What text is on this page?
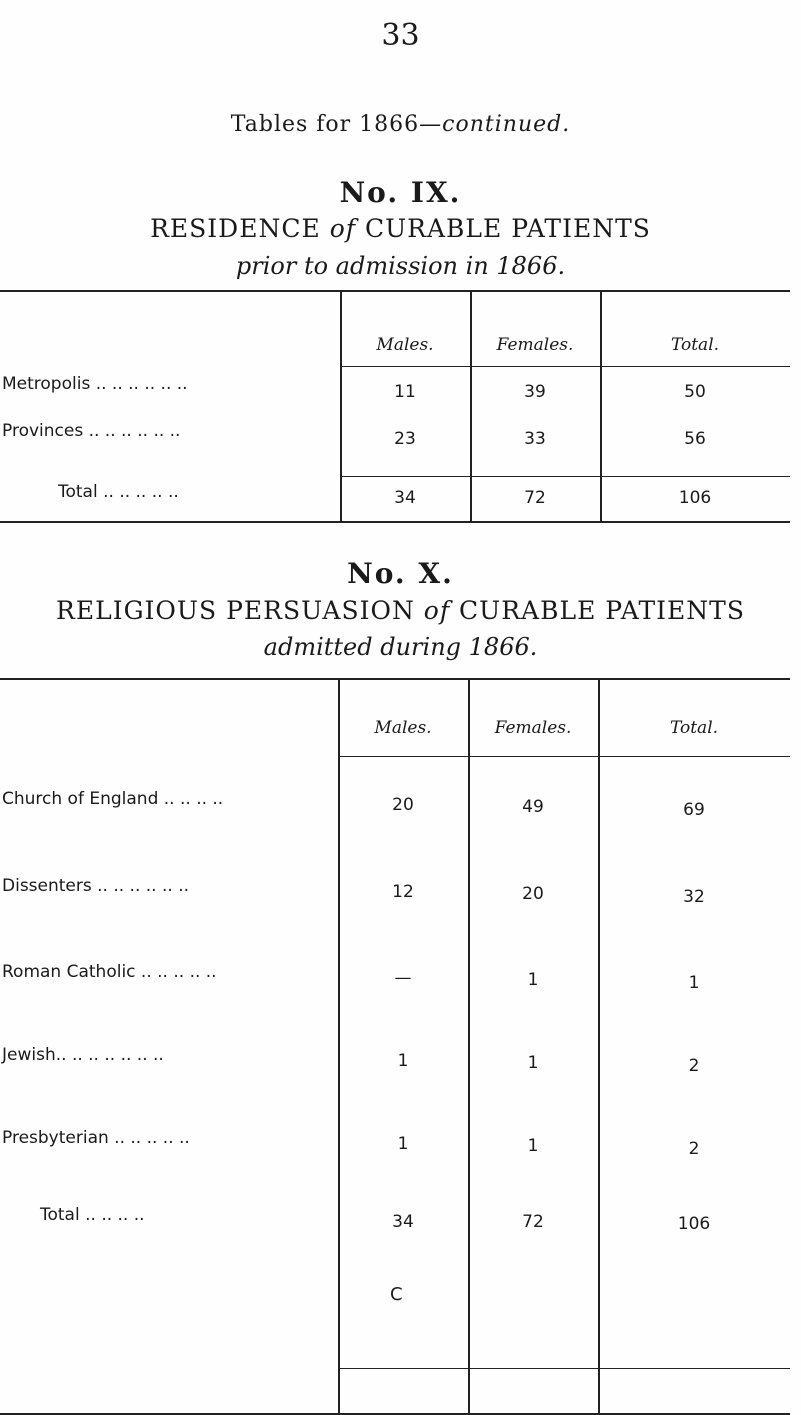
33
Tables for 1866—continued.
No. IX.
RESIDENCE of CURABLE PATIENTS
prior to admission in 1866.
Males.	Females.	Total.
Metropolis .. .. .. .. .. ..	11	39	50
Provinces .. .. .. .. .. ..	23	33	56
Total .. .. .. .. ..	34	72	106
No. X.
RELIGIOUS PERSUASION of CURABLE PATIENTS
admitted during 1866.
Males.	Females.	Total.
Church of England .. .. .. ..	20	49	69
Dissenters .. .. .. .. .. ..	12	20	32
Roman Catholic .. .. .. .. ..	—	1	1
Jewish.. .. .. .. .. .. ..	1	1	2
Presbyterian .. .. .. .. ..	1	1	2
Total .. .. .. ..	34	72	106
C
